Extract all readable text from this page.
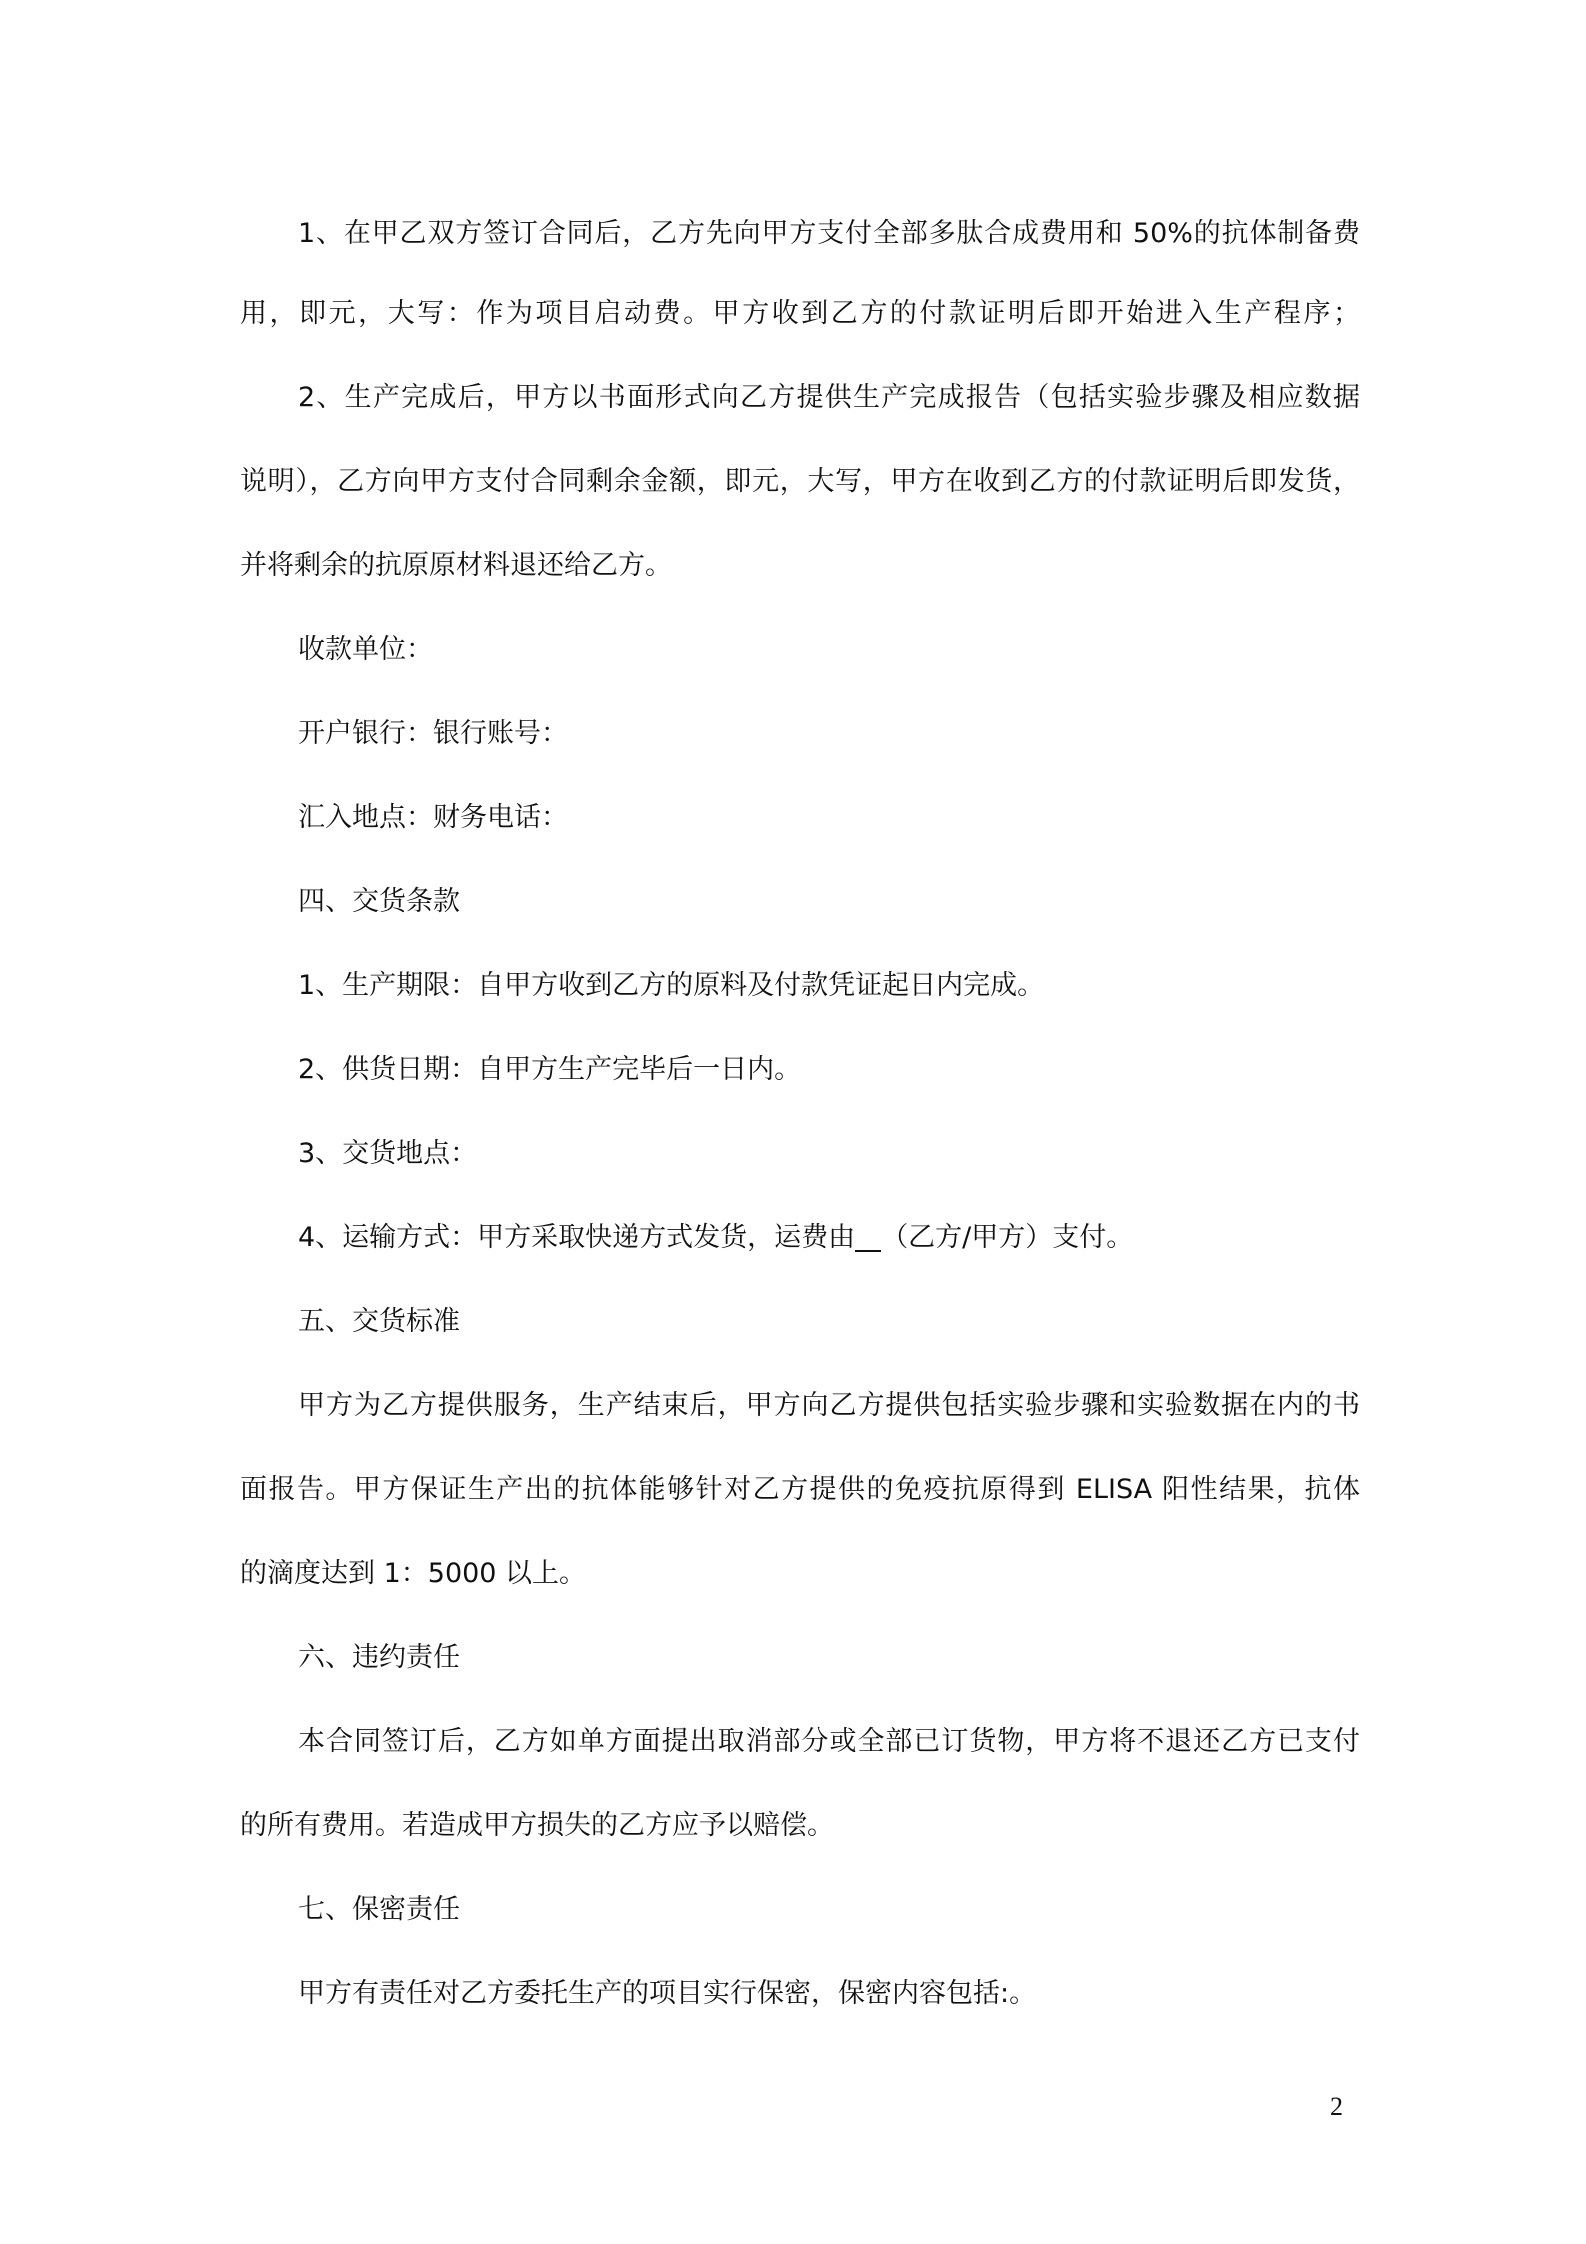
1、在甲乙双方签订合同后，乙方先向甲方支付全部多肽合成费用和 50%的抗体制备费
用，即元，大写：作为项目启动费。甲方收到乙方的付款证明后即开始进入生产程序；
2、生产完成后，甲方以书面形式向乙方提供生产完成报告（包括实验步骤及相应数据
说明），乙方向甲方支付合同剩余金额，即元，大写，甲方在收到乙方的付款证明后即发货，
并将剩余的抗原原材料退还给乙方。
收款单位：
开户银行：银行账号：
汇入地点：财务电话：
四、交货条款
1、生产期限：自甲方收到乙方的原料及付款凭证起日内完成。
2、供货日期：自甲方生产完毕后一日内。
3、交货地点：
4、运输方式：甲方采取快递方式发货，运费由 （乙方/甲方）支付。
五、交货标准
甲方为乙方提供服务，生产结束后，甲方向乙方提供包括实验步骤和实验数据在内的书
面报告。甲方保证生产出的抗体能够针对乙方提供的免疫抗原得到 ELISA 阳性结果，抗体
的滴度达到 1：5000 以上。
六、违约责任
本合同签订后，乙方如单方面提出取消部分或全部已订货物，甲方将不退还乙方已支付
的所有费用。若造成甲方损失的乙方应予以赔偿。
七、保密责任
甲方有责任对乙方委托生产的项目实行保密，保密内容包括:。
2
